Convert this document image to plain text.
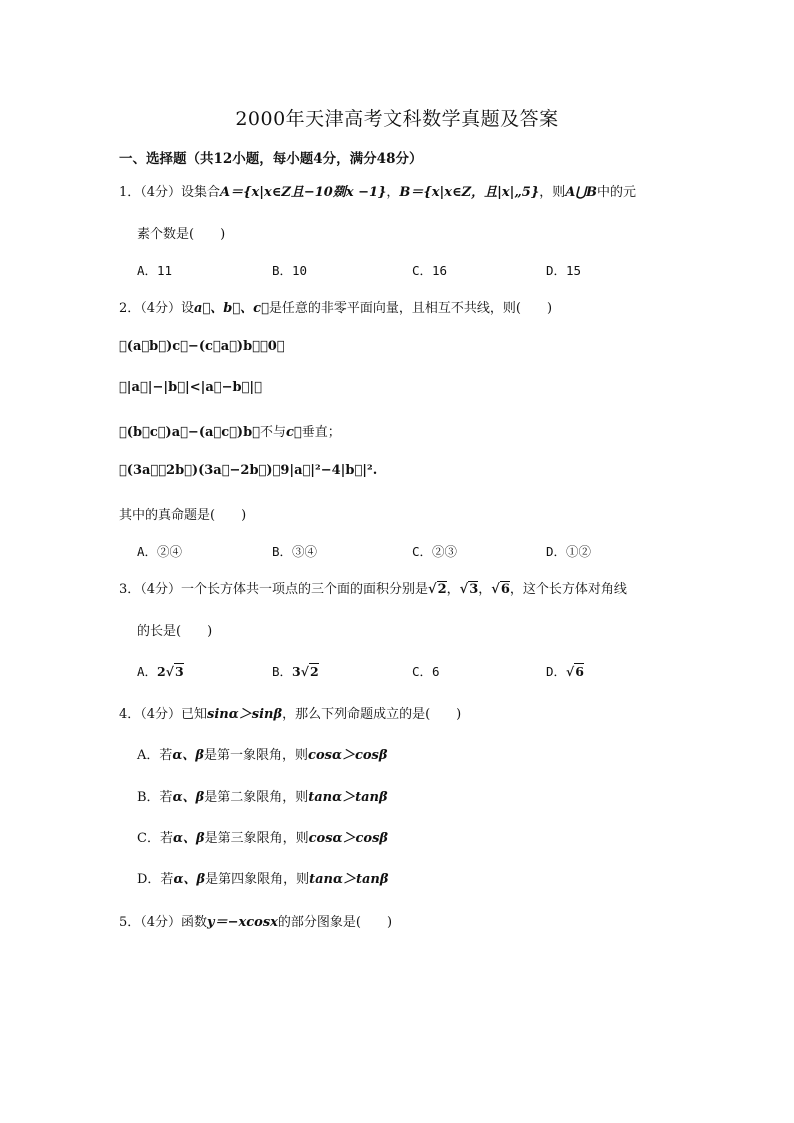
2000年天津高考文科数学真题及答案
一、选择题（共12小题，每小题4分，满分48分）
1．（4分）设集合A＝{x|x∈Z且−10剟x −1}，B＝{x|x∈Z，且|x|„5}，则A⋃B中的元
素个数是(　　)
A．11	B．10	C．16	D．15
2．（4分）设a⃗、b⃗、c⃗是任意的非零平面向量，且相互不共线，则(　　)
①(a⃗b⃗)c⃗−(c⃗a⃗)b⃗＝0；
②|a⃗|−|b⃗|<|a⃗−b⃗|；
③(b⃗c⃗)a⃗−(a⃗c⃗)b⃗不与c⃗垂直；
④(3a⃗＋2b⃗)(3a⃗−2b⃗)＝9|a⃗|²−4|b⃗|².
其中的真命题是(　　)
A．②④	B．③④	C．②③	D．①②
3．（4分）一个长方体共一项点的三个面的面积分别是√2，√3，√6，这个长方体对角线
的长是(　　)
A．2√3	B．3√2	C．6	D．√6
4．（4分）已知sinα＞sinβ，那么下列命题成立的是(　　)
A．若α、β是第一象限角，则cosα＞cosβ
B．若α、β是第二象限角，则tanα＞tanβ
C．若α、β是第三象限角，则cosα＞cosβ
D．若α、β是第四象限角，则tanα＞tanβ
5．（4分）函数y＝−xcosx的部分图象是(　　)
